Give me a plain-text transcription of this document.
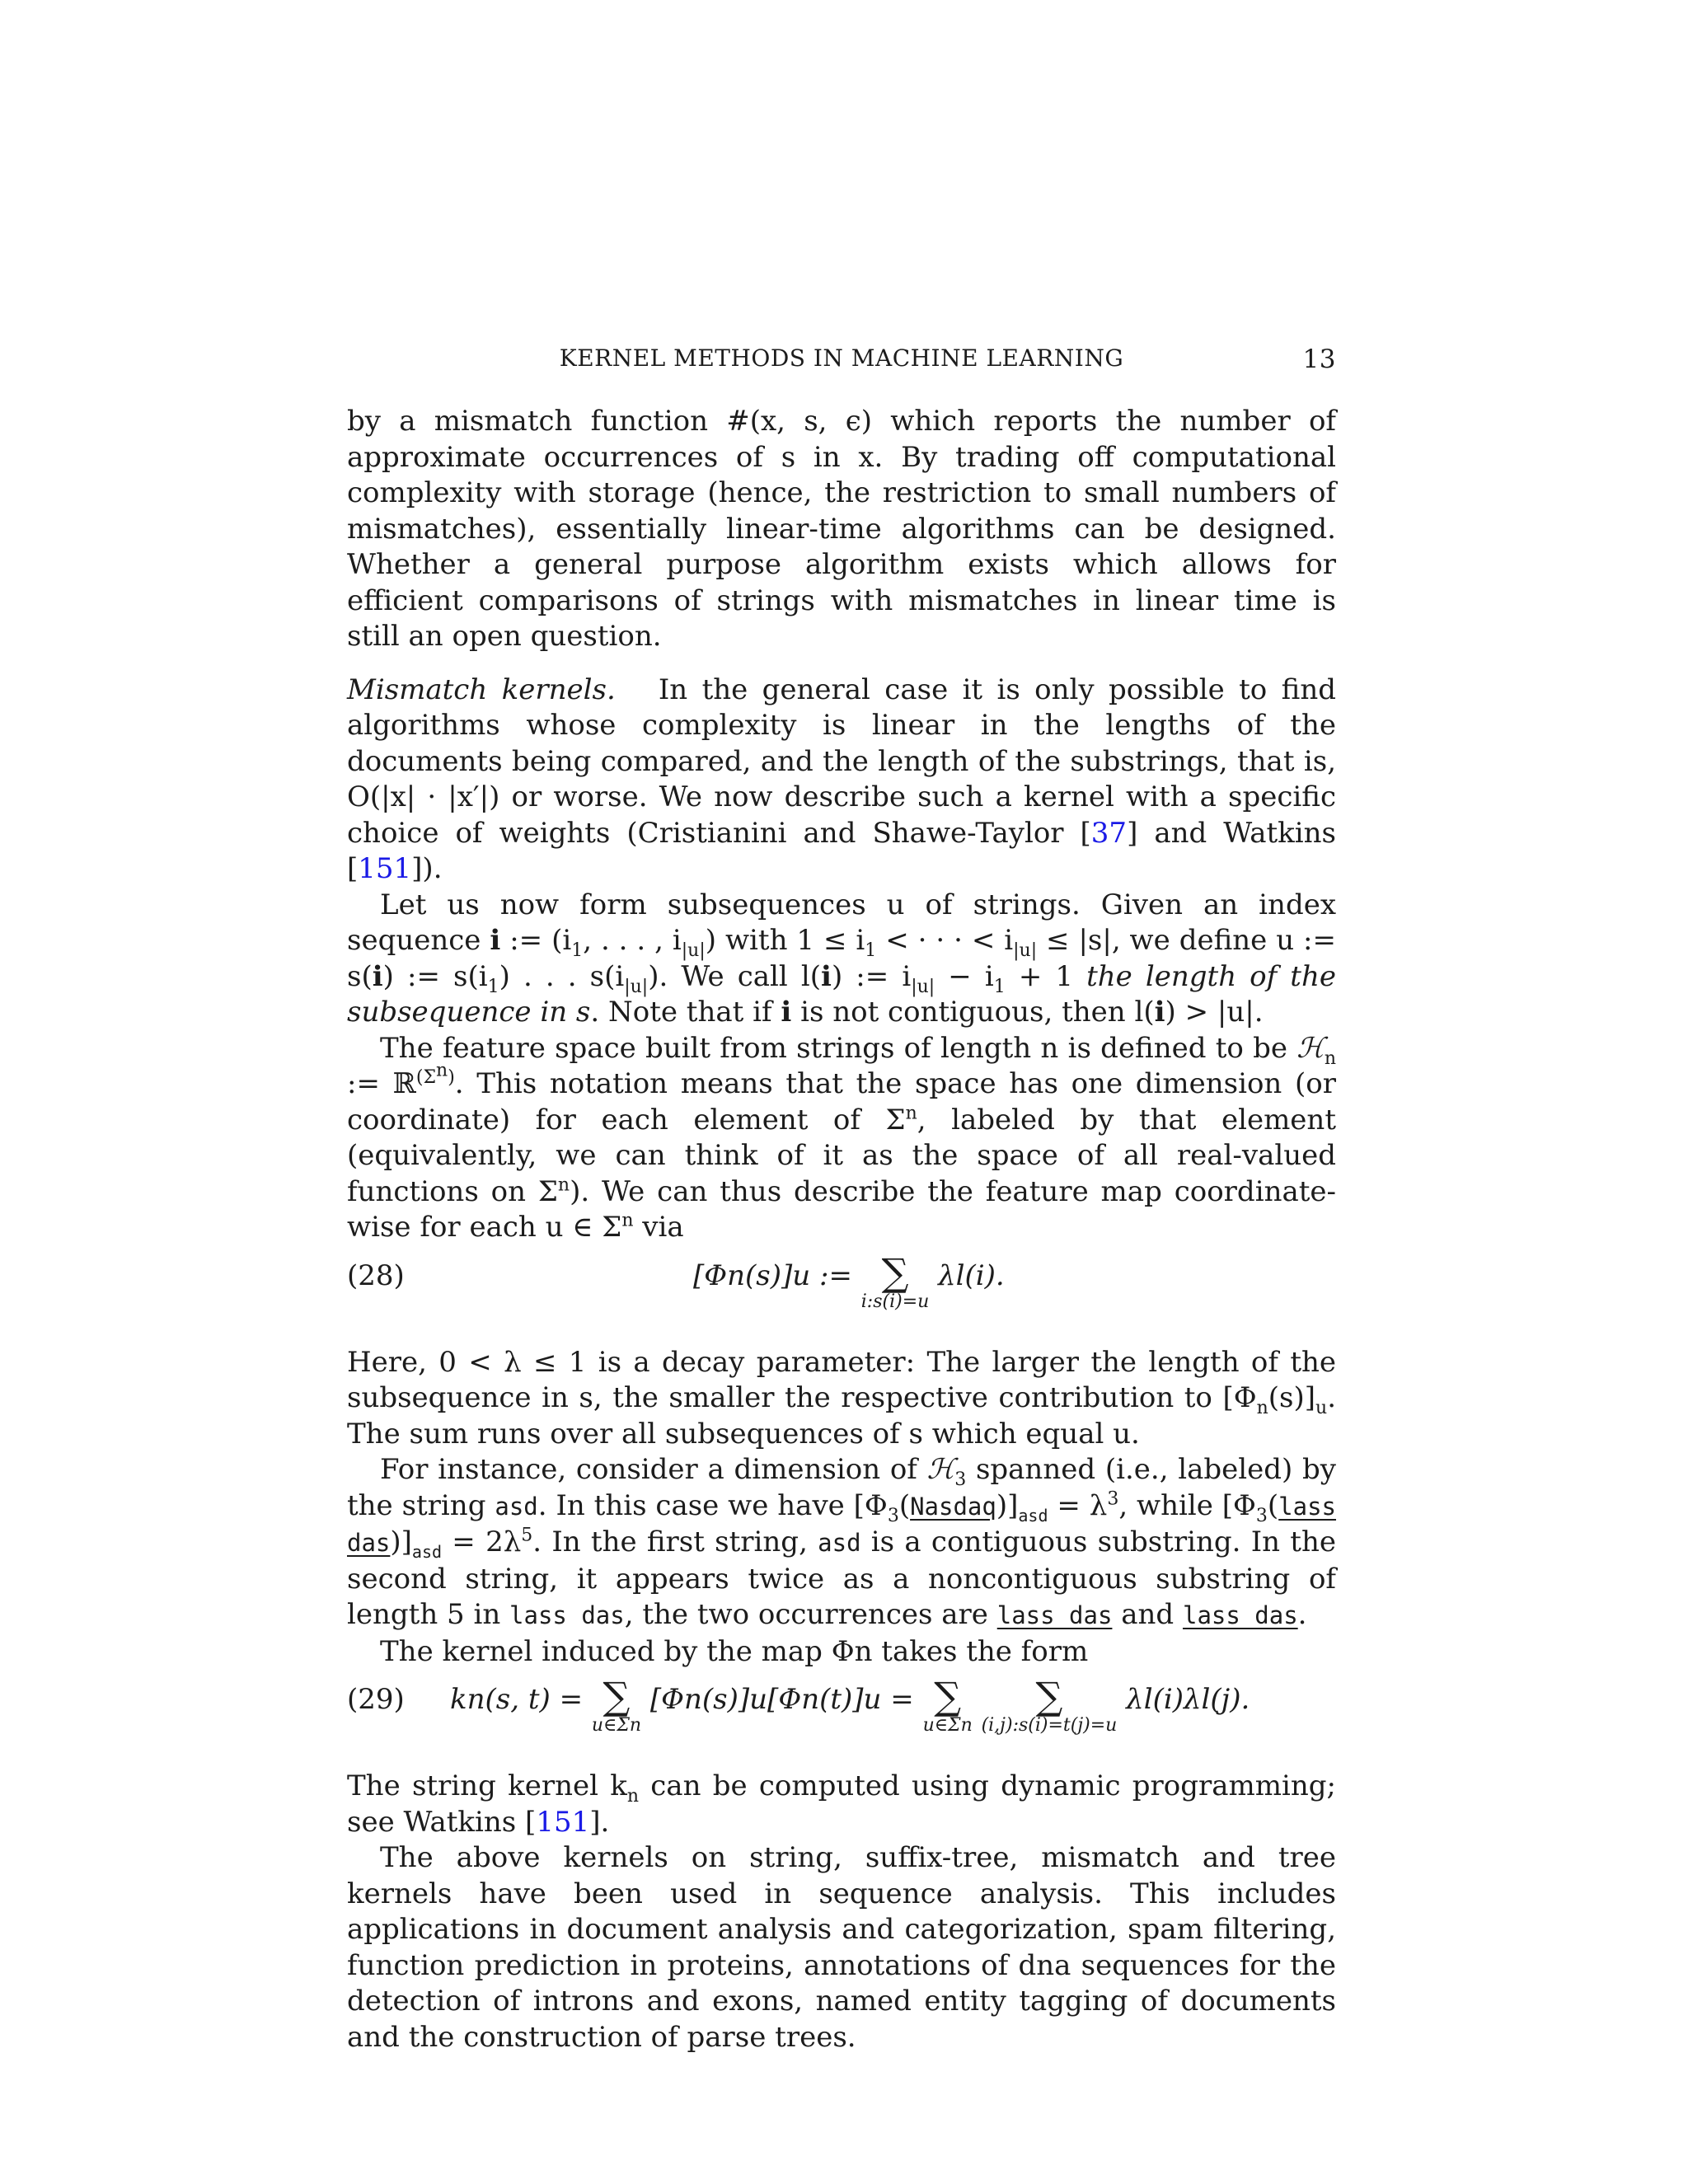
KERNEL METHODS IN MACHINE LEARNING	13

by a mismatch function #(x, s, ϵ) which reports the number of approximate occurrences of s in x. By trading off computational complexity with storage (hence, the restriction to small numbers of mismatches), essentially linear-time algorithms can be designed. Whether a general purpose algorithm exists which allows for efficient comparisons of strings with mismatches in linear time is still an open question.

Mismatch kernels. In the general case it is only possible to find algorithms whose complexity is linear in the lengths of the documents being compared, and the length of the substrings, that is, O(|x| · |x′|) or worse. We now describe such a kernel with a specific choice of weights (Cristianini and Shawe-Taylor [37] and Watkins [151]).

Let us now form subsequences u of strings. Given an index sequence i := ($i_1$, . . . , $i_{|u|}$) with $1 \le i_1$ < · · · < $i_{|u|} \le |s|$, we define u := s(i) := $s(i_1)$ . . . $s(i_{|u|})$. We call l(i) := $i_{|u|} - i_1 + 1$ the length of the subsequence in s. Note that if i is not contiguous, then l(i) > |u|.

The feature space built from strings of length n is defined to be ℋ$_n$ := ℝ$^{(\Sigma^n)}$. This notation means that the space has one dimension (or coordinate) for each element of $\Sigma^n$, labeled by that element (equivalently, we can think of it as the space of all real-valued functions on $\Sigma^n$). We can thus describe the feature map coordinate-wise for each u ∈ $\Sigma^n$ via

(28)	[Φn(s)]u := ∑
i:s(i)=u
λl(i).

Here, 0 < λ ≤ 1 is a decay parameter: The larger the length of the subsequence in s, the smaller the respective contribution to $[\Phi_n(s)]_u$. The sum runs over all subsequences of s which equal u.

For instance, consider a dimension of ℋ$_3$ spanned (i.e., labeled) by the string asd. In this case we have $[\Phi_3(Nasdaq)]_{asd} = \lambda^3$, while [$\Phi_3(lass$ $das)]_{asd} = 2\lambda^5$. In the first string, asd is a contiguous substring. In the second string, it appears twice as a noncontiguous substring of length 5 in lass das, the two occurrences are lass das and lass das.

The kernel induced by the map Φn takes the form

(29) kn(s, t) = ∑
u∈Σn
[Φn(s)]u[Φn(t)]u = ∑
u∈Σn

∑
(i,j):s(i)=t(j)=u
λl(i)λl(j).

The string kernel $k_n$ can be computed using dynamic programming; see Watkins [151].

The above kernels on string, suffix-tree, mismatch and tree kernels have been used in sequence analysis. This includes applications in document analysis and categorization, spam filtering, function prediction in proteins, annotations of dna sequences for the detection of introns and exons, named entity tagging of documents and the construction of parse trees.
